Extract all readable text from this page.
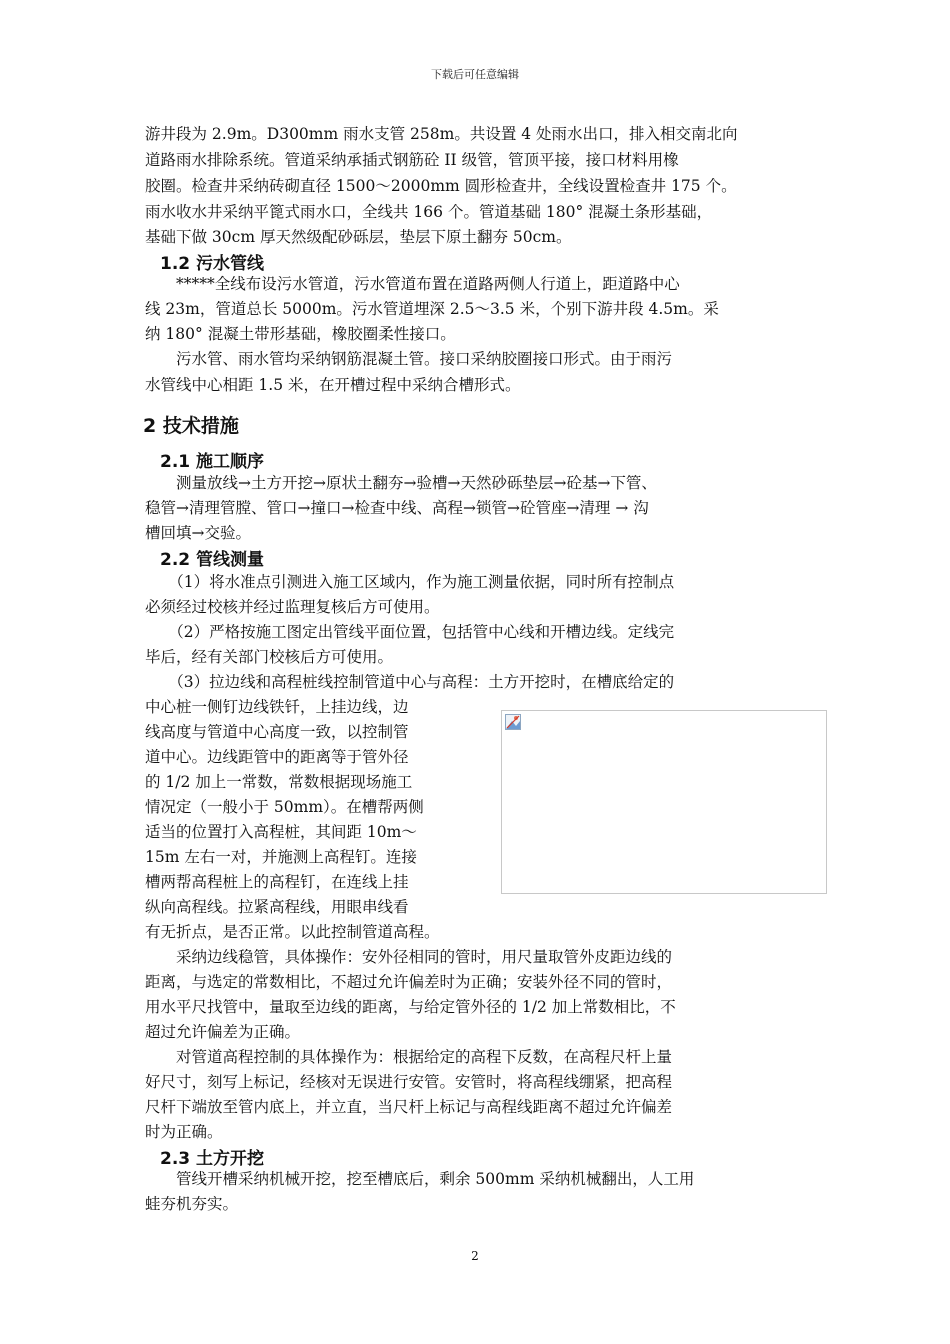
下载后可任意编辑
游井段为 2.9m。D300mm 雨水支管 258m。共设置 4 处雨水出口，排入相交南北向
道路雨水排除系统。管道采纳承插式钢筋砼 II 级管，管顶平接，接口材料用橡
胶圈。检查井采纳砖砌直径 1500～2000mm 圆形检查井，全线设置检查井 175 个。
雨水收水井采纳平篦式雨水口，全线共 166 个。管道基础 180° 混凝土条形基础，
基础下做 30cm 厚天然级配砂砾层，垫层下原土翻夯 50cm。
1.2 污水管线
　　*****全线布设污水管道，污水管道布置在道路两侧人行道上，距道路中心
线 23m，管道总长 5000m。污水管道埋深 2.5～3.5 米，个别下游井段 4.5m。采
纳 180° 混凝土带形基础，橡胶圈柔性接口。
　　污水管、雨水管均采纳钢筋混凝土管。接口采纳胶圈接口形式。由于雨污
水管线中心相距 1.5 米，在开槽过程中采纳合槽形式。
2 技术措施
2.1 施工顺序
　　测量放线→土方开挖→原状土翻夯→验槽→天然砂砾垫层→砼基→下管、
稳管→清理管膛、管口→撞口→检查中线、高程→锁管→砼管座→清理 → 沟
槽回填→交验。
2.2 管线测量
　　（1）将水准点引测进入施工区域内，作为施工测量依据，同时所有控制点
必须经过校核并经过监理复核后方可使用。
　　（2）严格按施工图定出管线平面位置，包括管中心线和开槽边线。定线完
毕后，经有关部门校核后方可使用。
　　（3）拉边线和高程桩线控制管道中心与高程：土方开挖时，在槽底给定的
中心桩一侧钉边线铁钎，上挂边线，边
线高度与管道中心高度一致，以控制管
道中心。边线距管中的距离等于管外径
的 1/2 加上一常数，常数根据现场施工
情况定（一般小于 50mm）。在槽帮两侧
适当的位置打入高程桩，其间距 10m～
15m 左右一对，并施测上高程钉。连接
槽两帮高程桩上的高程钉，在连线上挂
纵向高程线。拉紧高程线，用眼串线看
有无折点，是否正常。以此控制管道高程。
　　采纳边线稳管，具体操作：安外径相同的管时，用尺量取管外皮距边线的
距离，与选定的常数相比，不超过允许偏差时为正确；安装外径不同的管时，
用水平尺找管中，量取至边线的距离，与给定管外径的 1/2 加上常数相比，不
超过允许偏差为正确。
　　对管道高程控制的具体操作为：根据给定的高程下反数，在高程尺杆上量
好尺寸，刻写上标记，经核对无误进行安管。安管时，将高程线绷紧，把高程
尺杆下端放至管内底上，并立直，当尺杆上标记与高程线距离不超过允许偏差
时为正确。
2.3 土方开挖
　　管线开槽采纳机械开挖，挖至槽底后，剩余 500mm 采纳机械翻出，人工用
蛙夯机夯实。
2
